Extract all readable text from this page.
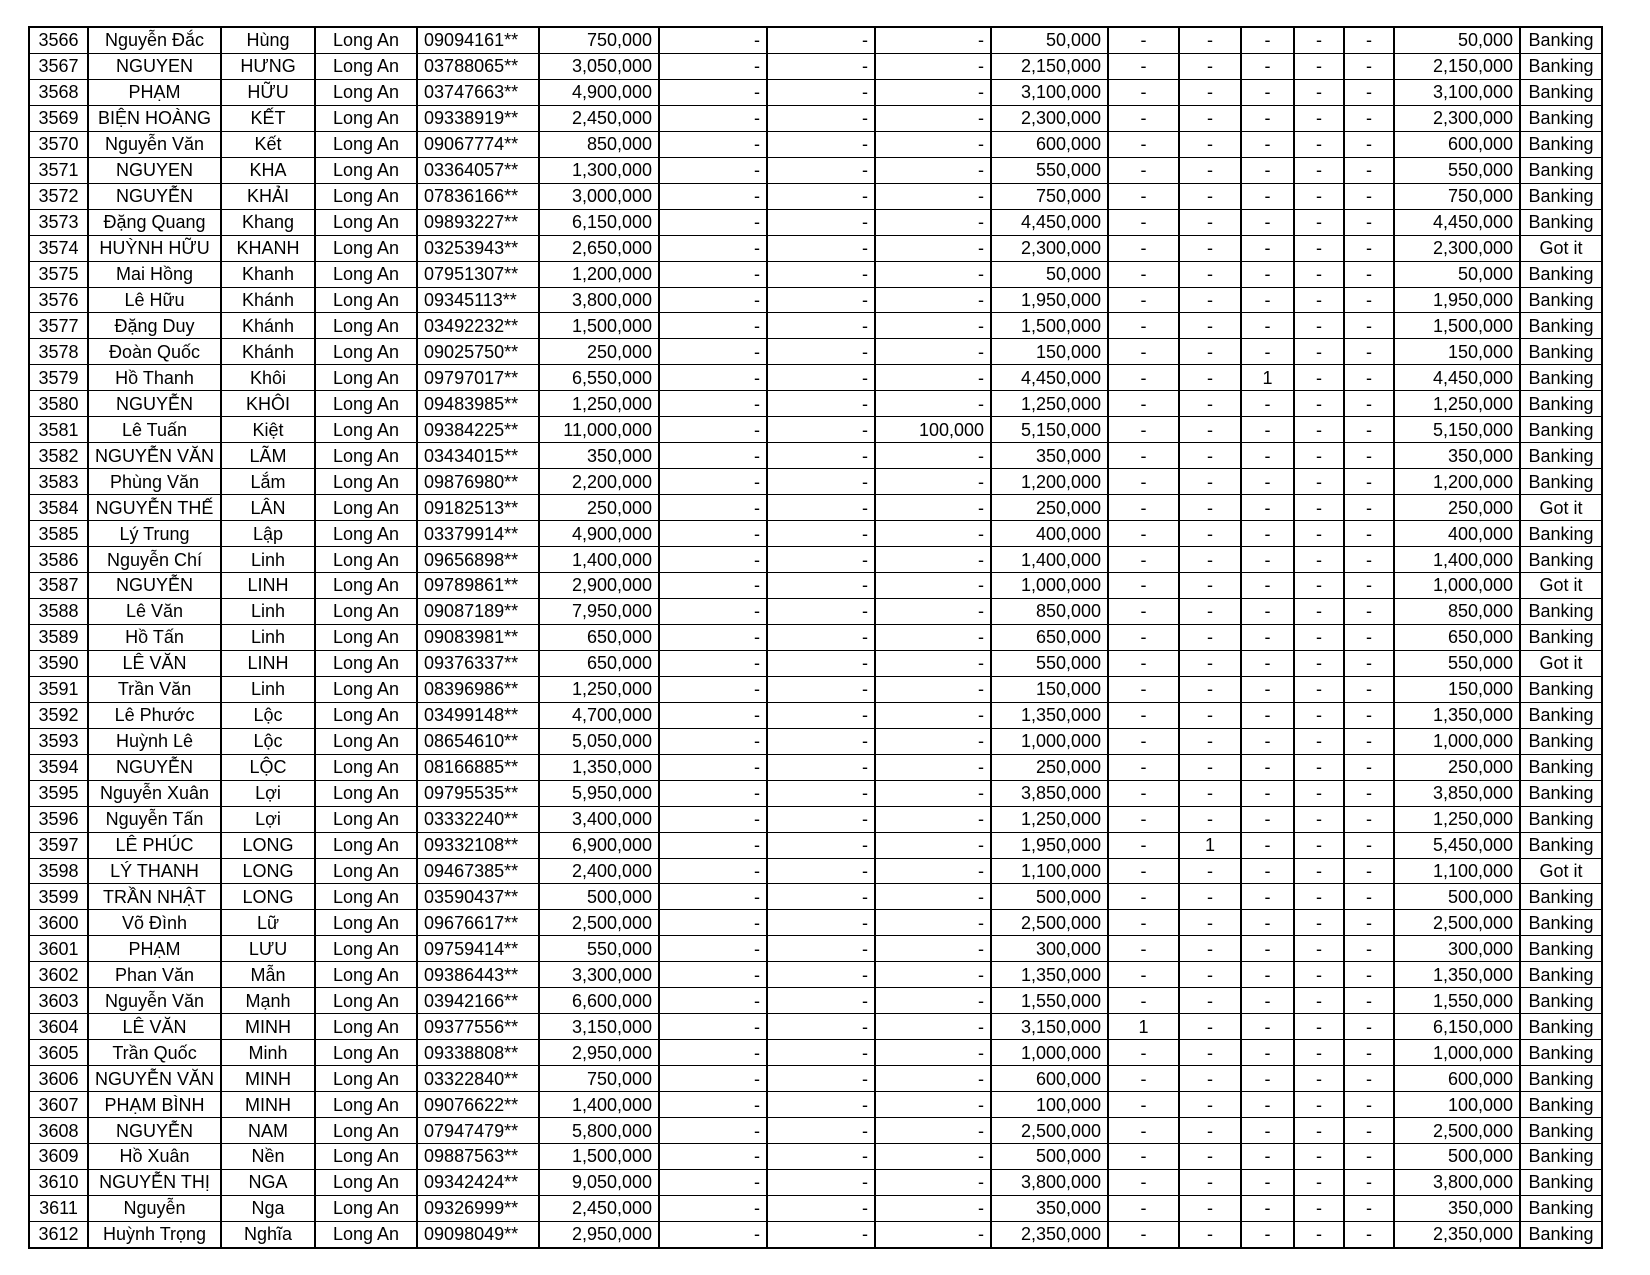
3566	Nguyễn Đắc	Hùng	Long An	09094161**	750,000	-	-	-	50,000	-	-	-	-	-	50,000	Banking
3567	NGUYEN	HƯNG	Long An	03788065**	3,050,000	-	-	-	2,150,000	-	-	-	-	-	2,150,000	Banking
3568	PHẠM	HỮU	Long An	03747663**	4,900,000	-	-	-	3,100,000	-	-	-	-	-	3,100,000	Banking
3569	BIỆN HOÀNG	KẾT	Long An	09338919**	2,450,000	-	-	-	2,300,000	-	-	-	-	-	2,300,000	Banking
3570	Nguyễn Văn	Kết	Long An	09067774**	850,000	-	-	-	600,000	-	-	-	-	-	600,000	Banking
3571	NGUYEN	KHA	Long An	03364057**	1,300,000	-	-	-	550,000	-	-	-	-	-	550,000	Banking
3572	NGUYỄN	KHẢI	Long An	07836166**	3,000,000	-	-	-	750,000	-	-	-	-	-	750,000	Banking
3573	Đặng Quang	Khang	Long An	09893227**	6,150,000	-	-	-	4,450,000	-	-	-	-	-	4,450,000	Banking
3574	HUỲNH HỮU	KHANH	Long An	03253943**	2,650,000	-	-	-	2,300,000	-	-	-	-	-	2,300,000	Got it
3575	Mai Hồng	Khanh	Long An	07951307**	1,200,000	-	-	-	50,000	-	-	-	-	-	50,000	Banking
3576	Lê Hữu	Khánh	Long An	09345113**	3,800,000	-	-	-	1,950,000	-	-	-	-	-	1,950,000	Banking
3577	Đặng Duy	Khánh	Long An	03492232**	1,500,000	-	-	-	1,500,000	-	-	-	-	-	1,500,000	Banking
3578	Đoàn Quốc	Khánh	Long An	09025750**	250,000	-	-	-	150,000	-	-	-	-	-	150,000	Banking
3579	Hồ Thanh	Khôi	Long An	09797017**	6,550,000	-	-	-	4,450,000	-	-	1	-	-	4,450,000	Banking
3580	NGUYỄN	KHÔI	Long An	09483985**	1,250,000	-	-	-	1,250,000	-	-	-	-	-	1,250,000	Banking
3581	Lê Tuấn	Kiệt	Long An	09384225**	11,000,000	-	-	100,000	5,150,000	-	-	-	-	-	5,150,000	Banking
3582	NGUYỄN VĂN	LÃM	Long An	03434015**	350,000	-	-	-	350,000	-	-	-	-	-	350,000	Banking
3583	Phùng Văn	Lắm	Long An	09876980**	2,200,000	-	-	-	1,200,000	-	-	-	-	-	1,200,000	Banking
3584	NGUYỄN THẾ	LÂN	Long An	09182513**	250,000	-	-	-	250,000	-	-	-	-	-	250,000	Got it
3585	Lý Trung	Lập	Long An	03379914**	4,900,000	-	-	-	400,000	-	-	-	-	-	400,000	Banking
3586	Nguyễn Chí	Linh	Long An	09656898**	1,400,000	-	-	-	1,400,000	-	-	-	-	-	1,400,000	Banking
3587	NGUYỄN	LINH	Long An	09789861**	2,900,000	-	-	-	1,000,000	-	-	-	-	-	1,000,000	Got it
3588	Lê Văn	Linh	Long An	09087189**	7,950,000	-	-	-	850,000	-	-	-	-	-	850,000	Banking
3589	Hồ Tấn	Linh	Long An	09083981**	650,000	-	-	-	650,000	-	-	-	-	-	650,000	Banking
3590	LÊ VĂN	LINH	Long An	09376337**	650,000	-	-	-	550,000	-	-	-	-	-	550,000	Got it
3591	Trần Văn	Linh	Long An	08396986**	1,250,000	-	-	-	150,000	-	-	-	-	-	150,000	Banking
3592	Lê Phước	Lộc	Long An	03499148**	4,700,000	-	-	-	1,350,000	-	-	-	-	-	1,350,000	Banking
3593	Huỳnh Lê	Lộc	Long An	08654610**	5,050,000	-	-	-	1,000,000	-	-	-	-	-	1,000,000	Banking
3594	NGUYỄN	LỘC	Long An	08166885**	1,350,000	-	-	-	250,000	-	-	-	-	-	250,000	Banking
3595	Nguyễn Xuân	Lợi	Long An	09795535**	5,950,000	-	-	-	3,850,000	-	-	-	-	-	3,850,000	Banking
3596	Nguyễn Tấn	Lợi	Long An	03332240**	3,400,000	-	-	-	1,250,000	-	-	-	-	-	1,250,000	Banking
3597	LÊ PHÚC	LONG	Long An	09332108**	6,900,000	-	-	-	1,950,000	-	1	-	-	-	5,450,000	Banking
3598	LÝ THANH	LONG	Long An	09467385**	2,400,000	-	-	-	1,100,000	-	-	-	-	-	1,100,000	Got it
3599	TRẦN NHẬT	LONG	Long An	03590437**	500,000	-	-	-	500,000	-	-	-	-	-	500,000	Banking
3600	Võ Đình	Lữ	Long An	09676617**	2,500,000	-	-	-	2,500,000	-	-	-	-	-	2,500,000	Banking
3601	PHẠM	LƯU	Long An	09759414**	550,000	-	-	-	300,000	-	-	-	-	-	300,000	Banking
3602	Phan Văn	Mẫn	Long An	09386443**	3,300,000	-	-	-	1,350,000	-	-	-	-	-	1,350,000	Banking
3603	Nguyễn Văn	Mạnh	Long An	03942166**	6,600,000	-	-	-	1,550,000	-	-	-	-	-	1,550,000	Banking
3604	LÊ VĂN	MINH	Long An	09377556**	3,150,000	-	-	-	3,150,000	1	-	-	-	-	6,150,000	Banking
3605	Trần Quốc	Minh	Long An	09338808**	2,950,000	-	-	-	1,000,000	-	-	-	-	-	1,000,000	Banking
3606	NGUYỄN VĂN	MINH	Long An	03322840**	750,000	-	-	-	600,000	-	-	-	-	-	600,000	Banking
3607	PHẠM BÌNH	MINH	Long An	09076622**	1,400,000	-	-	-	100,000	-	-	-	-	-	100,000	Banking
3608	NGUYỄN	NAM	Long An	07947479**	5,800,000	-	-	-	2,500,000	-	-	-	-	-	2,500,000	Banking
3609	Hồ Xuân	Nền	Long An	09887563**	1,500,000	-	-	-	500,000	-	-	-	-	-	500,000	Banking
3610	NGUYỄN THỊ	NGA	Long An	09342424**	9,050,000	-	-	-	3,800,000	-	-	-	-	-	3,800,000	Banking
3611	Nguyễn	Nga	Long An	09326999**	2,450,000	-	-	-	350,000	-	-	-	-	-	350,000	Banking
3612	Huỳnh Trọng	Nghĩa	Long An	09098049**	2,950,000	-	-	-	2,350,000	-	-	-	-	-	2,350,000	Banking
